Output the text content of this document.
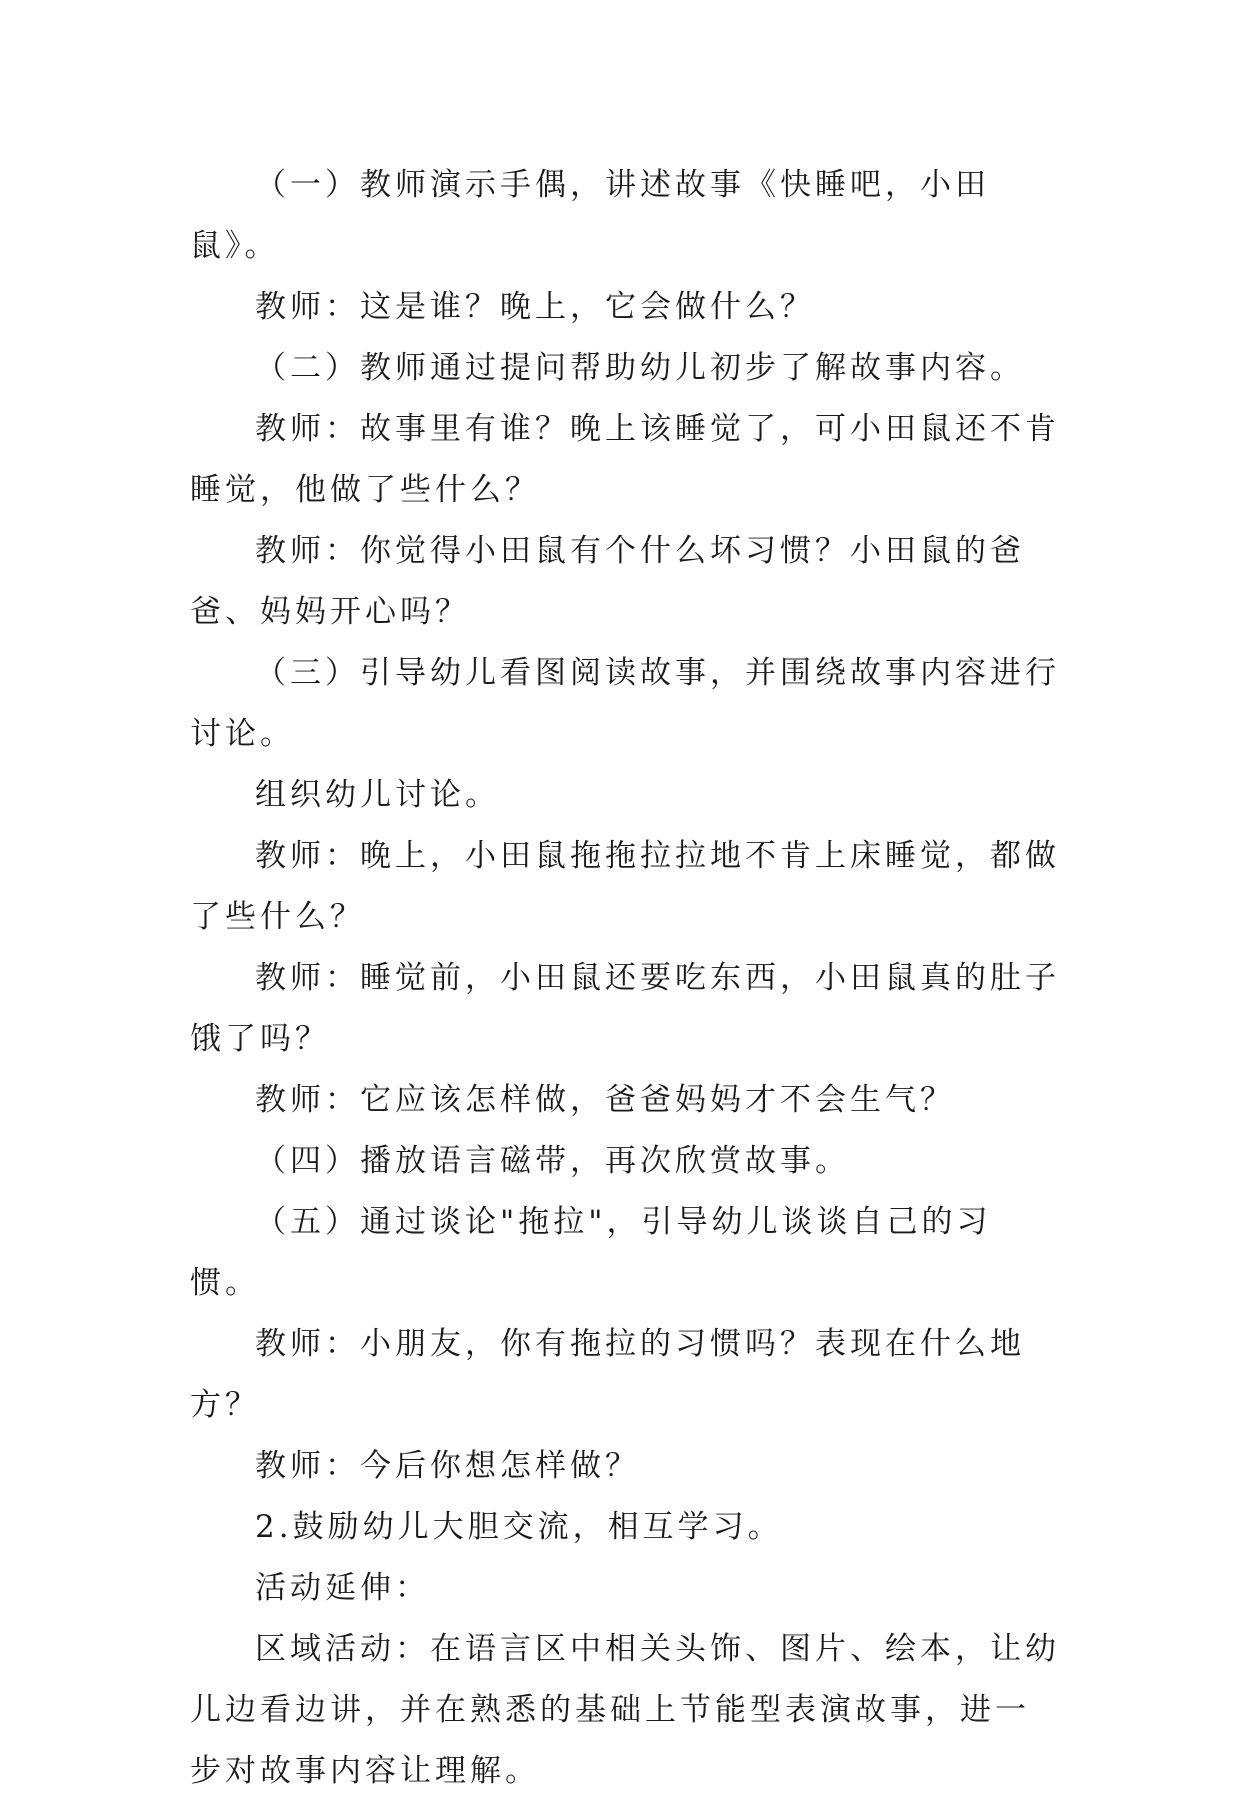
（一）教师演示手偶，讲述故事《快睡吧，小田鼠》。

教师：这是谁？晚上，它会做什么？

（二）教师通过提问帮助幼儿初步了解故事内容。

教师：故事里有谁？晚上该睡觉了，可小田鼠还不肯睡觉，他做了些什么？

教师：你觉得小田鼠有个什么坏习惯？小田鼠的爸爸、妈妈开心吗？

（三）引导幼儿看图阅读故事，并围绕故事内容进行讨论。

组织幼儿讨论。

教师：晚上，小田鼠拖拖拉拉地不肯上床睡觉，都做了些什么？

教师：睡觉前，小田鼠还要吃东西，小田鼠真的肚子饿了吗？

教师：它应该怎样做，爸爸妈妈才不会生气？

（四）播放语言磁带，再次欣赏故事。

（五）通过谈论"拖拉"，引导幼儿谈谈自己的习惯。

教师：小朋友，你有拖拉的习惯吗？表现在什么地方？

教师：今后你想怎样做？

2.鼓励幼儿大胆交流，相互学习。

活动延伸：

区域活动：在语言区中相关头饰、图片、绘本，让幼儿边看边讲，并在熟悉的基础上节能型表演故事，进一步对故事内容让理解。
